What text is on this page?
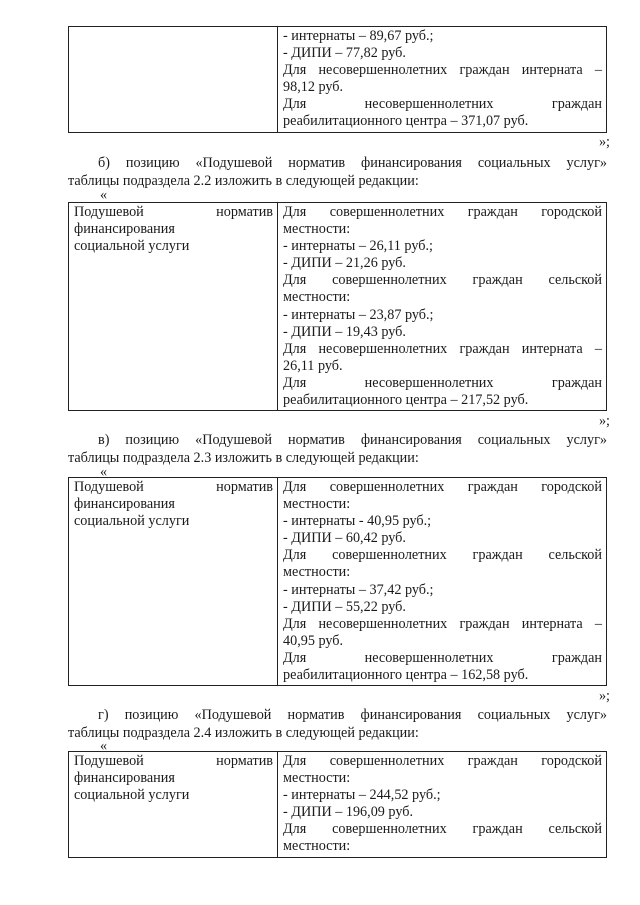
- интернаты – 89,67 руб.;
- ДИПИ – 77,82 руб.
Для несовершеннолетних граждан интерната –
98,12 руб.
Для несовершеннолетних граждан
реабилитационного центра – 371,07 руб.
»;
б) позицию «Подушевой норматив финансирования социальных услуг»
таблицы подраздела 2.2 изложить в следующей редакции:
«
Подушевой норматив
финансирования
социальной услуги

Для совершеннолетних граждан городской
местности:
- интернаты – 26,11 руб.;
- ДИПИ – 21,26 руб.
Для совершеннолетних граждан сельской
местности:
- интернаты – 23,87 руб.;
- ДИПИ – 19,43 руб.
Для несовершеннолетних граждан интерната –
26,11 руб.
Для несовершеннолетних граждан
реабилитационного центра – 217,52 руб.
»;
в) позицию «Подушевой норматив финансирования социальных услуг»
таблицы подраздела 2.3 изложить в следующей редакции:
«
Подушевой норматив
финансирования
социальной услуги

Для совершеннолетних граждан городской
местности:
- интернаты - 40,95 руб.;
- ДИПИ – 60,42 руб.
Для совершеннолетних граждан сельской
местности:
- интернаты – 37,42 руб.;
- ДИПИ – 55,22 руб.
Для несовершеннолетних граждан интерната –
40,95 руб.
Для несовершеннолетних граждан
реабилитационного центра – 162,58 руб.
»;
г) позицию «Подушевой норматив финансирования социальных услуг»
таблицы подраздела 2.4 изложить в следующей редакции:
«
Подушевой норматив
финансирования
социальной услуги

Для совершеннолетних граждан городской
местности:
- интернаты – 244,52 руб.;
- ДИПИ – 196,09 руб.
Для совершеннолетних граждан сельской
местности:
